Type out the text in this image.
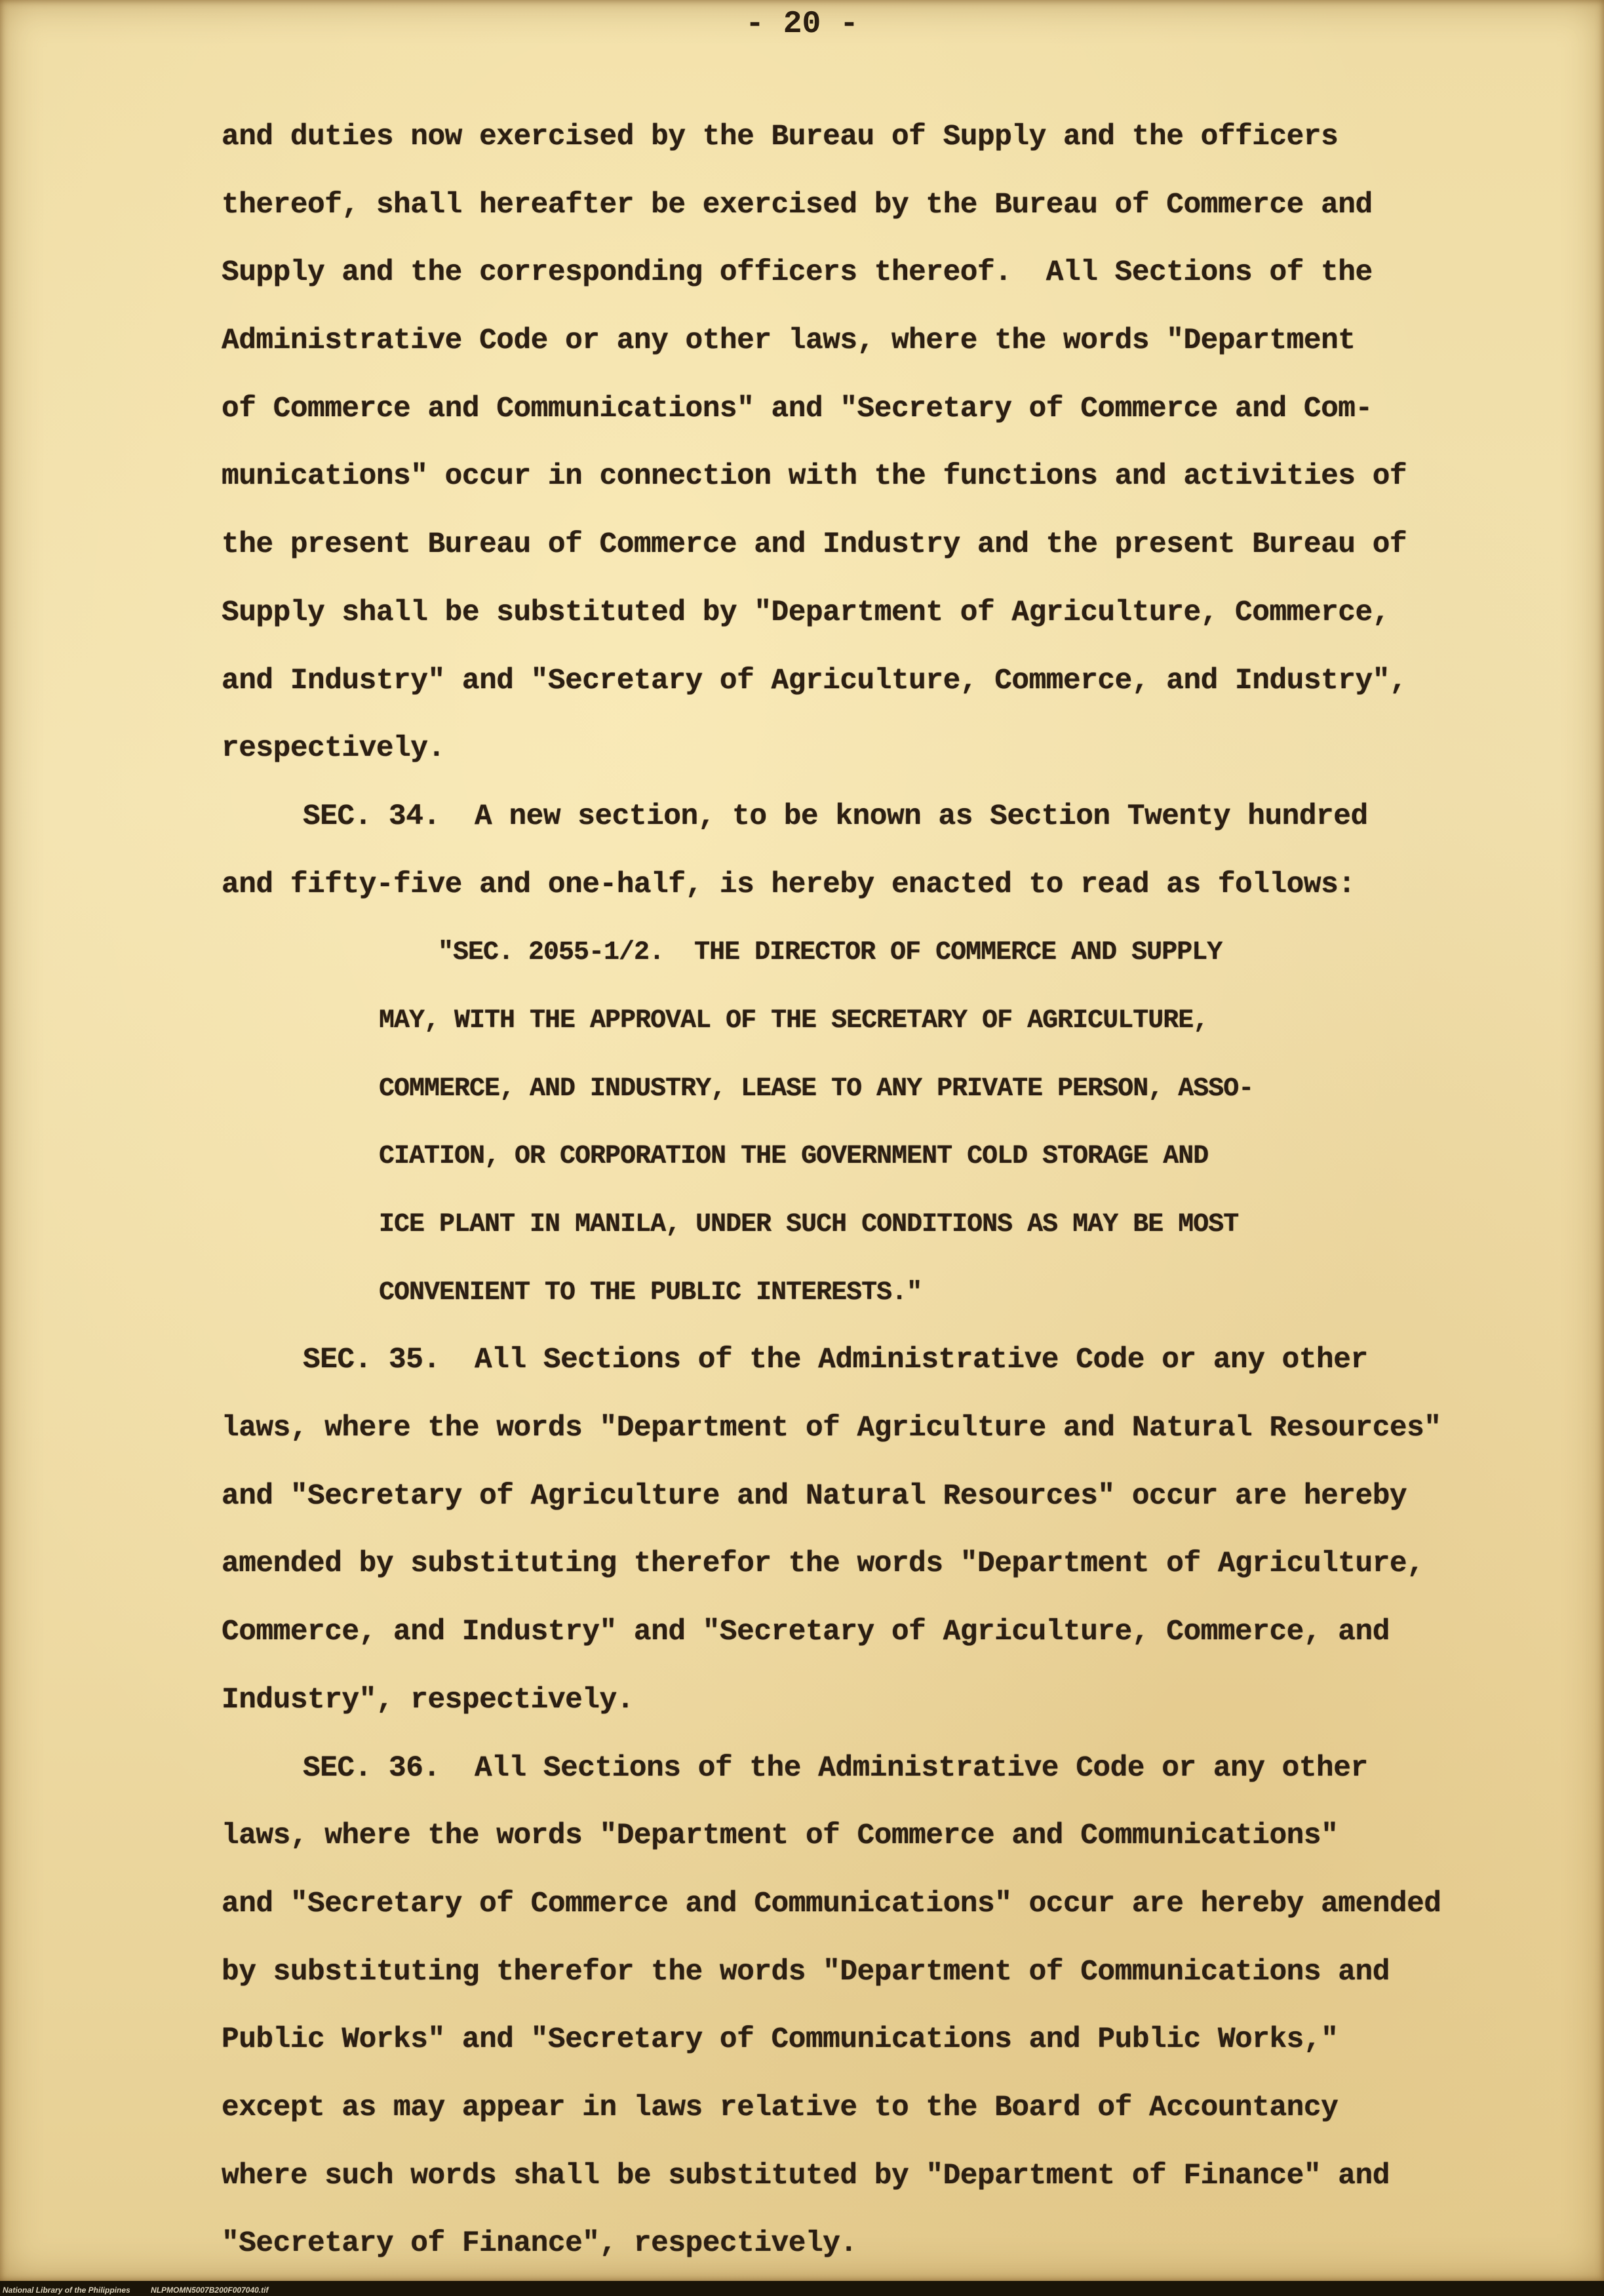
- 20 -
and duties now exercised by the Bureau of Supply and the officers
thereof, shall hereafter be exercised by the Bureau of Commerce and
Supply and the corresponding officers thereof.  All Sections of the
Administrative Code or any other laws, where the words "Department
of Commerce and Communications" and "Secretary of Commerce and Com-
munications" occur in connection with the functions and activities of
the present Bureau of Commerce and Industry and the present Bureau of
Supply shall be substituted by "Department of Agriculture, Commerce,
and Industry" and "Secretary of Agriculture, Commerce, and Industry",
respectively.
SEC. 34.  A new section, to be known as Section Twenty hundred
and fifty-five and one-half, is hereby enacted to read as follows:
"SEC. 2055-1/2.  THE DIRECTOR OF COMMERCE AND SUPPLY
MAY, WITH THE APPROVAL OF THE SECRETARY OF AGRICULTURE,
COMMERCE, AND INDUSTRY, LEASE TO ANY PRIVATE PERSON, ASSO-
CIATION, OR CORPORATION THE GOVERNMENT COLD STORAGE AND
ICE PLANT IN MANILA, UNDER SUCH CONDITIONS AS MAY BE MOST
CONVENIENT TO THE PUBLIC INTERESTS."
SEC. 35.  All Sections of the Administrative Code or any other
laws, where the words "Department of Agriculture and Natural Resources"
and "Secretary of Agriculture and Natural Resources" occur are hereby
amended by substituting therefor the words "Department of Agriculture,
Commerce, and Industry" and "Secretary of Agriculture, Commerce, and
Industry", respectively.
SEC. 36.  All Sections of the Administrative Code or any other
laws, where the words "Department of Commerce and Communications"
and "Secretary of Commerce and Communications" occur are hereby amended
by substituting therefor the words "Department of Communications and
Public Works" and "Secretary of Communications and Public Works,"
except as may appear in laws relative to the Board of Accountancy
where such words shall be substituted by "Department of Finance" and
"Secretary of Finance", respectively.
National Library of the Philippines	NLPMOMN5007B200F007040.tif
